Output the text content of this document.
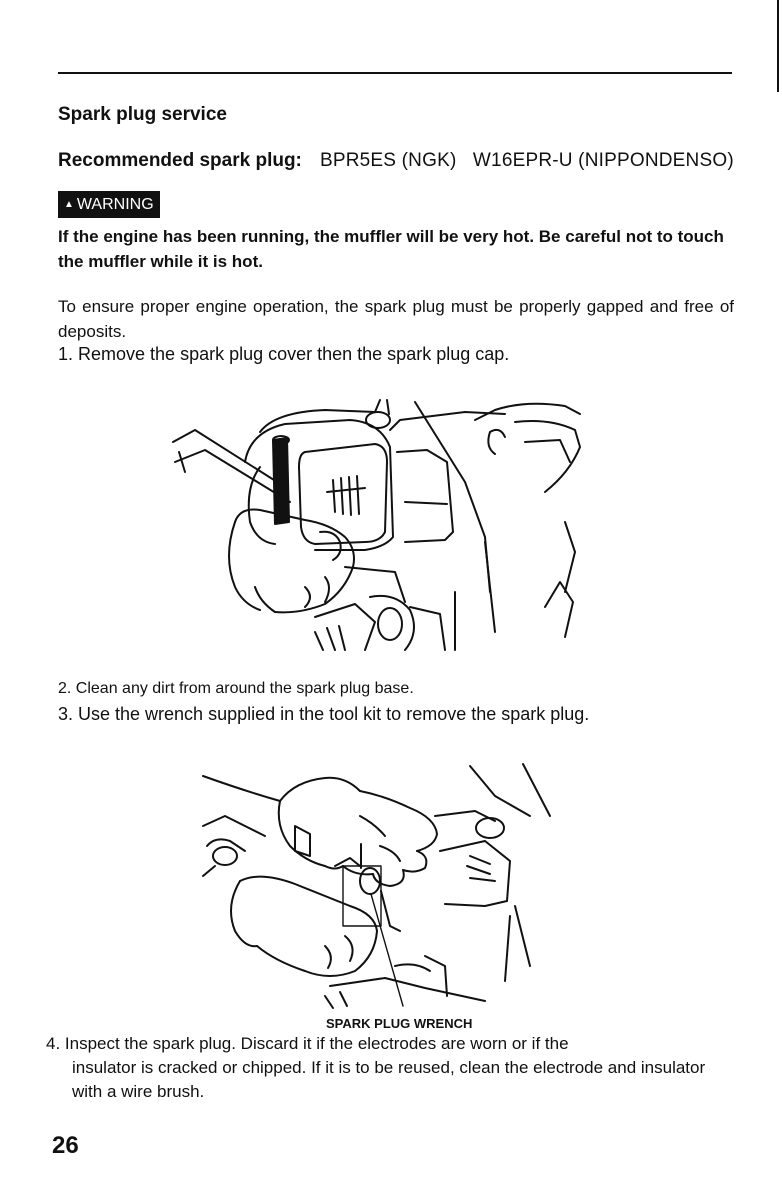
Spark plug service
Recommended spark plug: BPR5ES (NGK)   W16EPR-U (NIPPONDENSO)
▲ WARNING
If the engine has been running, the muffler will be very hot. Be careful not to touch the muffler while it is hot.
To ensure proper engine operation, the spark plug must be properly gapped and free of deposits.
1. Remove the spark plug cover then the spark plug cap.
2. Clean any dirt from around the spark plug base.
3. Use the wrench supplied in the tool kit to remove the spark plug.
SPARK PLUG WRENCH
4. Inspect the spark plug. Discard it if the electrodes are worn or if the
insulator is cracked or chipped. If it is to be reused, clean the electrode and insulator with a wire brush.
26
